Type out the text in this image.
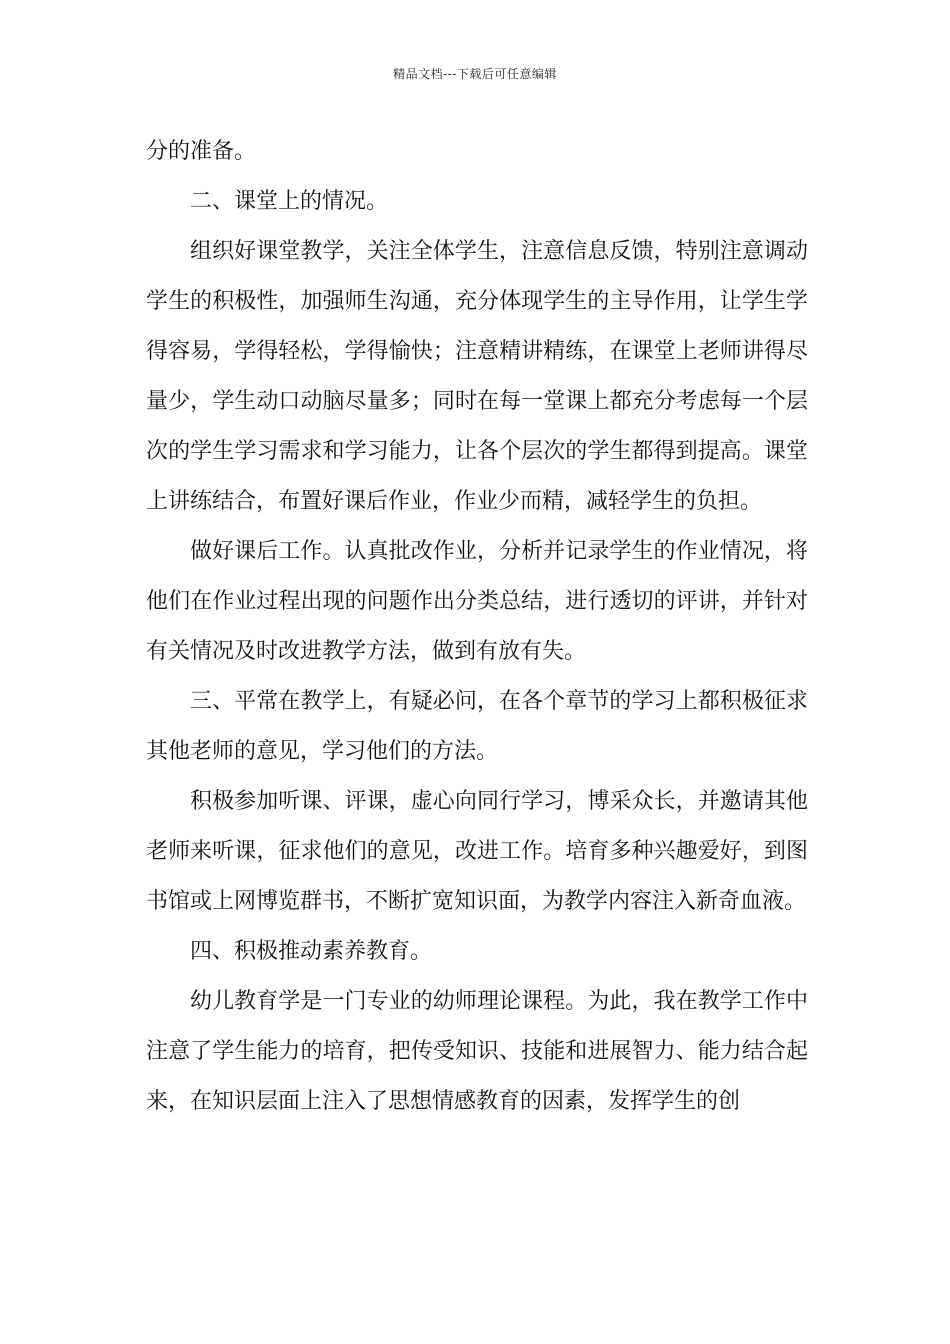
精品文档---下载后可任意编辑

分的准备。

二、课堂上的情况。

组织好课堂教学，关注全体学生，注意信息反馈，特别注意调动学生的积极性，加强师生沟通，充分体现学生的主导作用，让学生学得容易，学得轻松，学得愉快；注意精讲精练，在课堂上老师讲得尽量少，学生动口动脑尽量多；同时在每一堂课上都充分考虑每一个层次的学生学习需求和学习能力，让各个层次的学生都得到提高。课堂上讲练结合，布置好课后作业，作业少而精，减轻学生的负担。

做好课后工作。认真批改作业，分析并记录学生的作业情况，将他们在作业过程出现的问题作出分类总结，进行透切的评讲，并针对有关情况及时改进教学方法，做到有放有失。

三、平常在教学上，有疑必问，在各个章节的学习上都积极征求其他老师的意见，学习他们的方法。

积极参加听课、评课，虚心向同行学习，博采众长，并邀请其他老师来听课，征求他们的意见，改进工作。培育多种兴趣爱好，到图书馆或上网博览群书，不断扩宽知识面，为教学内容注入新奇血液。

四、积极推动素养教育。

幼儿教育学是一门专业的幼师理论课程。为此，我在教学工作中注意了学生能力的培育，把传受知识、技能和进展智力、能力结合起来，在知识层面上注入了思想情感教育的因素，发挥学生的创
